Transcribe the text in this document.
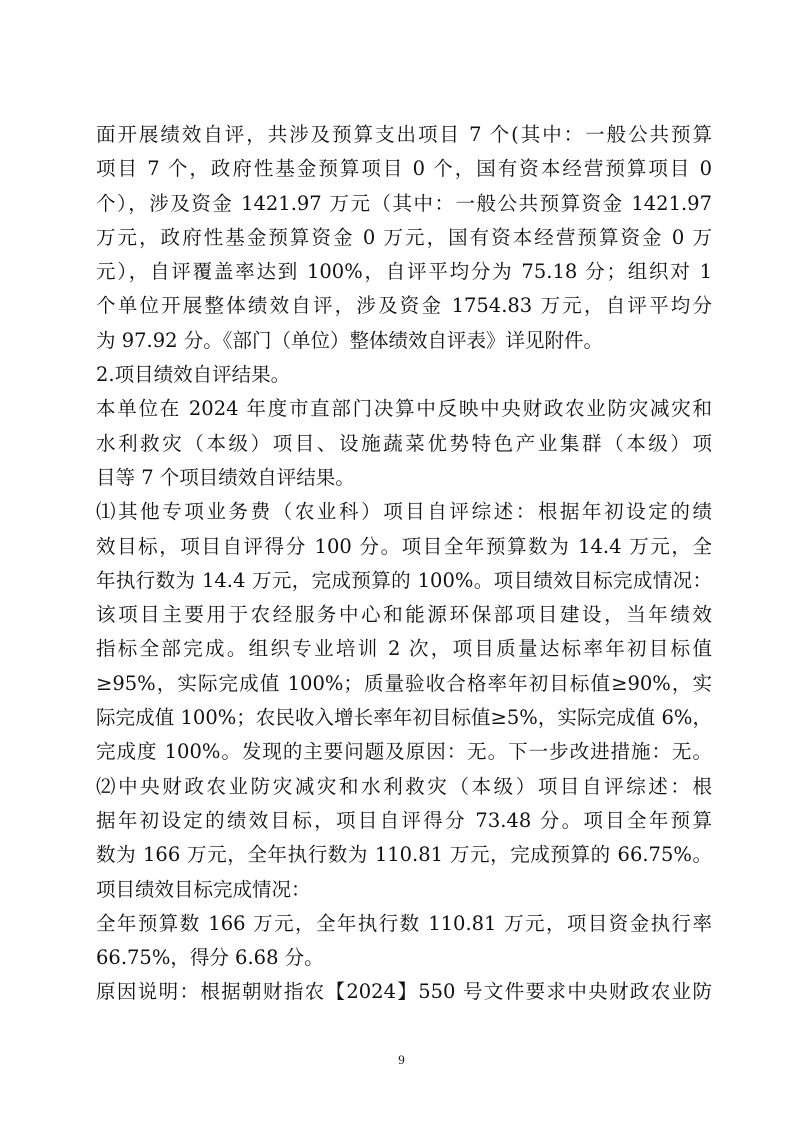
面开展绩效自评，共涉及预算支出项目 7 个(其中：一般公共预算
项目 7 个，政府性基金预算项目 0 个，国有资本经营预算项目 0
个），涉及资金 1421.97 万元（其中：一般公共预算资金 1421.97
万元，政府性基金预算资金 0 万元，国有资本经营预算资金 0 万
元），自评覆盖率达到 100%，自评平均分为 75.18 分；组织对 1
个单位开展整体绩效自评，涉及资金 1754.83 万元，自评平均分
为 97.92 分。《部门（单位）整体绩效自评表》详见附件。
2.项目绩效自评结果。
本单位在 2024 年度市直部门决算中反映中央财政农业防灾减灾和
水利救灾（本级）项目、设施蔬菜优势特色产业集群（本级）项
目等 7 个项目绩效自评结果。
⑴其他专项业务费（农业科）项目自评综述：根据年初设定的绩
效目标，项目自评得分 100 分。项目全年预算数为 14.4 万元，全
年执行数为 14.4 万元，完成预算的 100%。项目绩效目标完成情况：
该项目主要用于农经服务中心和能源环保部项目建设，当年绩效
指标全部完成。组织专业培训 2 次，项目质量达标率年初目标值
≥95%，实际完成值 100%；质量验收合格率年初目标值≥90%，实
际完成值 100%；农民收入增长率年初目标值≥5%，实际完成值 6%，
完成度 100%。发现的主要问题及原因：无。下一步改进措施：无。
⑵中央财政农业防灾减灾和水利救灾（本级）项目自评综述：根
据年初设定的绩效目标，项目自评得分 73.48 分。项目全年预算
数为 166 万元，全年执行数为 110.81 万元，完成预算的 66.75%。
项目绩效目标完成情况：
全年预算数 166 万元，全年执行数 110.81 万元，项目资金执行率
66.75%，得分 6.68 分。
原因说明：根据朝财指农【2024】550 号文件要求中央财政农业防
9
